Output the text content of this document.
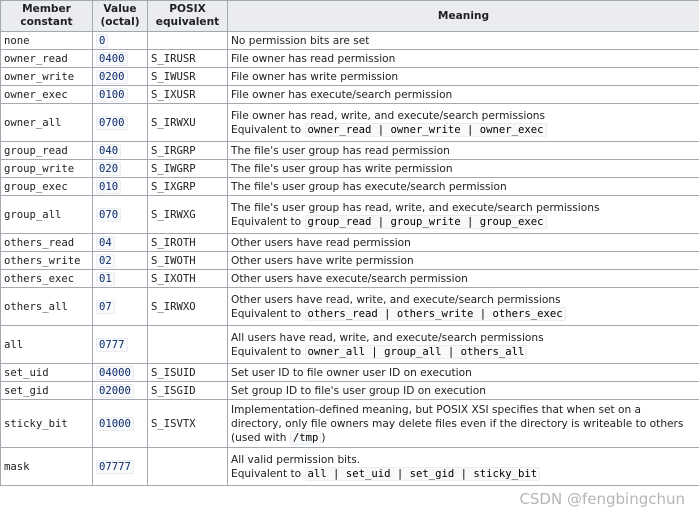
Member constant	Value (octal)	POSIX equivalent	Meaning
none	0		No permission bits are set
owner_read	0400	S_IRUSR	File owner has read permission
owner_write	0200	S_IWUSR	File owner has write permission
owner_exec	0100	S_IXUSR	File owner has execute/search permission
owner_all	0700	S_IRWXU	File owner has read, write, and execute/search permissions
Equivalent to owner_read | owner_write | owner_exec

group_read	040	S_IRGRP	The file's user group has read permission
group_write	020	S_IWGRP	The file's user group has write permission
group_exec	010	S_IXGRP	The file's user group has execute/search permission
group_all	070	S_IRWXG	The file's user group has read, write, and execute/search permissions
Equivalent to group_read | group_write | group_exec

others_read	04	S_IROTH	Other users have read permission
others_write	02	S_IWOTH	Other users have write permission
others_exec	01	S_IXOTH	Other users have execute/search permission
others_all	07	S_IRWXO	Other users have read, write, and execute/search permissions
Equivalent to others_read | others_write | others_exec

all	0777		All users have read, write, and execute/search permissions
Equivalent to owner_all | group_all | others_all

set_uid	04000	S_ISUID	Set user ID to file owner user ID on execution
set_gid	02000	S_ISGID	Set group ID to file's user group ID on execution
sticky_bit	01000	S_ISVTX	Implementation-defined meaning, but POSIX XSI specifies that when set on a
directory, only file owners may delete files even if the directory is writeable to others
(used with /tmp )

mask	07777		All valid permission bits.
Equivalent to all | set_uid | set_gid | sticky_bit
CSDN @fengbingchun
